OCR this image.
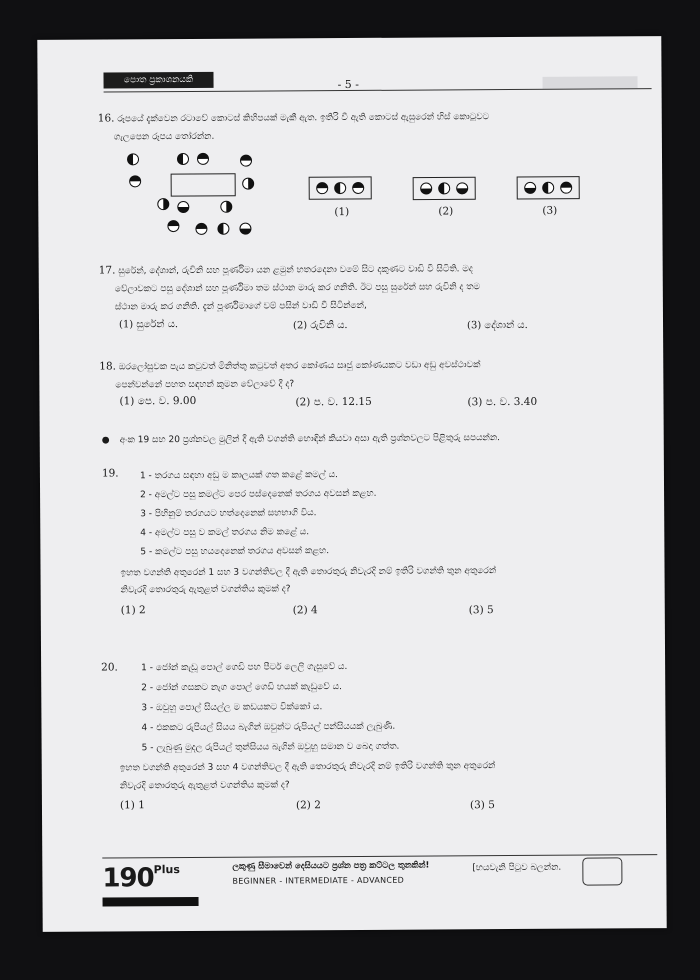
පොත ප්‍රකාශනයකි	- 5 -
16. රූපයේ දැක්වෙන රටාවේ කොටස් කිහිපයක් මැකී ඇත. ඉතිරි වී ඇති කොටස් ඇසුරෙන් හිස් කොටුවට
ගැලපෙන රූපය තෝරන්න.
(1)	(2)	(3)
17. සුරේන්, දේශාන්, රුවිනි සහ පූර්ණිමා යන ළමුන් හතරදෙනා වමේ සිට දකුණට වාඩි වී සිටිති. මද
වේලාවකට පසු දේශාන් සහ පූර්ණිමා තම ස්ථාන මාරු කර ගනිති. ඊට පසු සුරේන් සහ රුවිනි ද තම
ස්ථාන මාරු කර ගනිති. දැන් පූර්ණිමාගේ වම් පසින් වාඩි වී සිටින්නේ,
(1) සුරේන් ය.	(2) රුවිනි ය.	(3) දේශාන් ය.
18. ඔරලෝසුවක පැය කටුවත් මිනිත්තු කටුවත් අතර කෝණය සෘජු කෝණයකට වඩා අඩු අවස්ථාවක්
පෙන්වන්නේ පහත සඳහන් කුමන වේලාවේ දී ද?
(1) පෙ. ව. 9.00	(2) ප. ව. 12.15	(3) ප. ව. 3.40
● අංක 19 සහ 20 ප්‍රශ්නවල මුලින් දී ඇති වගන්ති හොඳින් කියවා අසා ඇති ප්‍රශ්නවලට පිළිතුරු සපයන්න.
19. 1 - තරගය සඳහා අඩු ම කාලයක් ගත කළේ කමල් ය.
2 - අමල්ට පසු කමල්ට පෙර පස්දෙනෙක් තරගය අවසන් කළහ.
3 - පිහිනුම් තරගයට හත්දෙනෙක් සහභාගි විය.
4 - අමල්ට පසු ව කමල් තරගය නිම කළේ ය.
5 - කමල්ට පසු හයදෙනෙක් තරගය අවසන් කළහ.
ඉහත වගන්ති අතුරෙන් 1 සහ 3 වගන්තිවල දී ඇති තොරතුරු නිවැරදි නම් ඉතිරි වගන්ති තුන අතුරෙන්
නිවැරදි තොරතුරු ඇතුළත් වගන්තිය කුමක් ද?
(1) 2	(2) 4	(3) 5
20.	1 - ජෝන් කැඩූ පොල් ගෙඩි පහ පීටර් ලෙලි ගැසුවේ ය.
2 - ජෝන් ගසකට නැග පොල් ගෙඩි හයක් කැඩුවේ ය.
3 - ඔවුහු පොල් සියල්ල ම කඩයකට වික්කෝ ය.
4 - එකකට රුපියල් සියය බැගින් ඔවුන්ට රුපියල් පන්සියයක් ලැබුණි.
5 - ලැබුණු මුදල රුපියල් තුන්සියය බැගින් ඔවුහු සමාන ව බෙදා ගත්ත.
ඉහත වගන්ති අතුරෙන් 3 සහ 4 වගන්තිවල දී ඇති තොරතුරු නිවැරදි නම් ඉතිරි වගන්ති තුන අතුරෙන්
නිවැරදි තොරතුරු ඇතුළත් වගන්තිය කුමක් ද?
(1) 1	(2) 2	(3) 5
$190^{Plus}$	ලකුණු සීමාවෙන් දෙසියයට ප්‍රශ්න පත්‍ර කට්ටල තුනකින්!
BEGINNER - INTERMEDIATE - ADVANCED
[හයවැනි පිටුව බලන්න.
